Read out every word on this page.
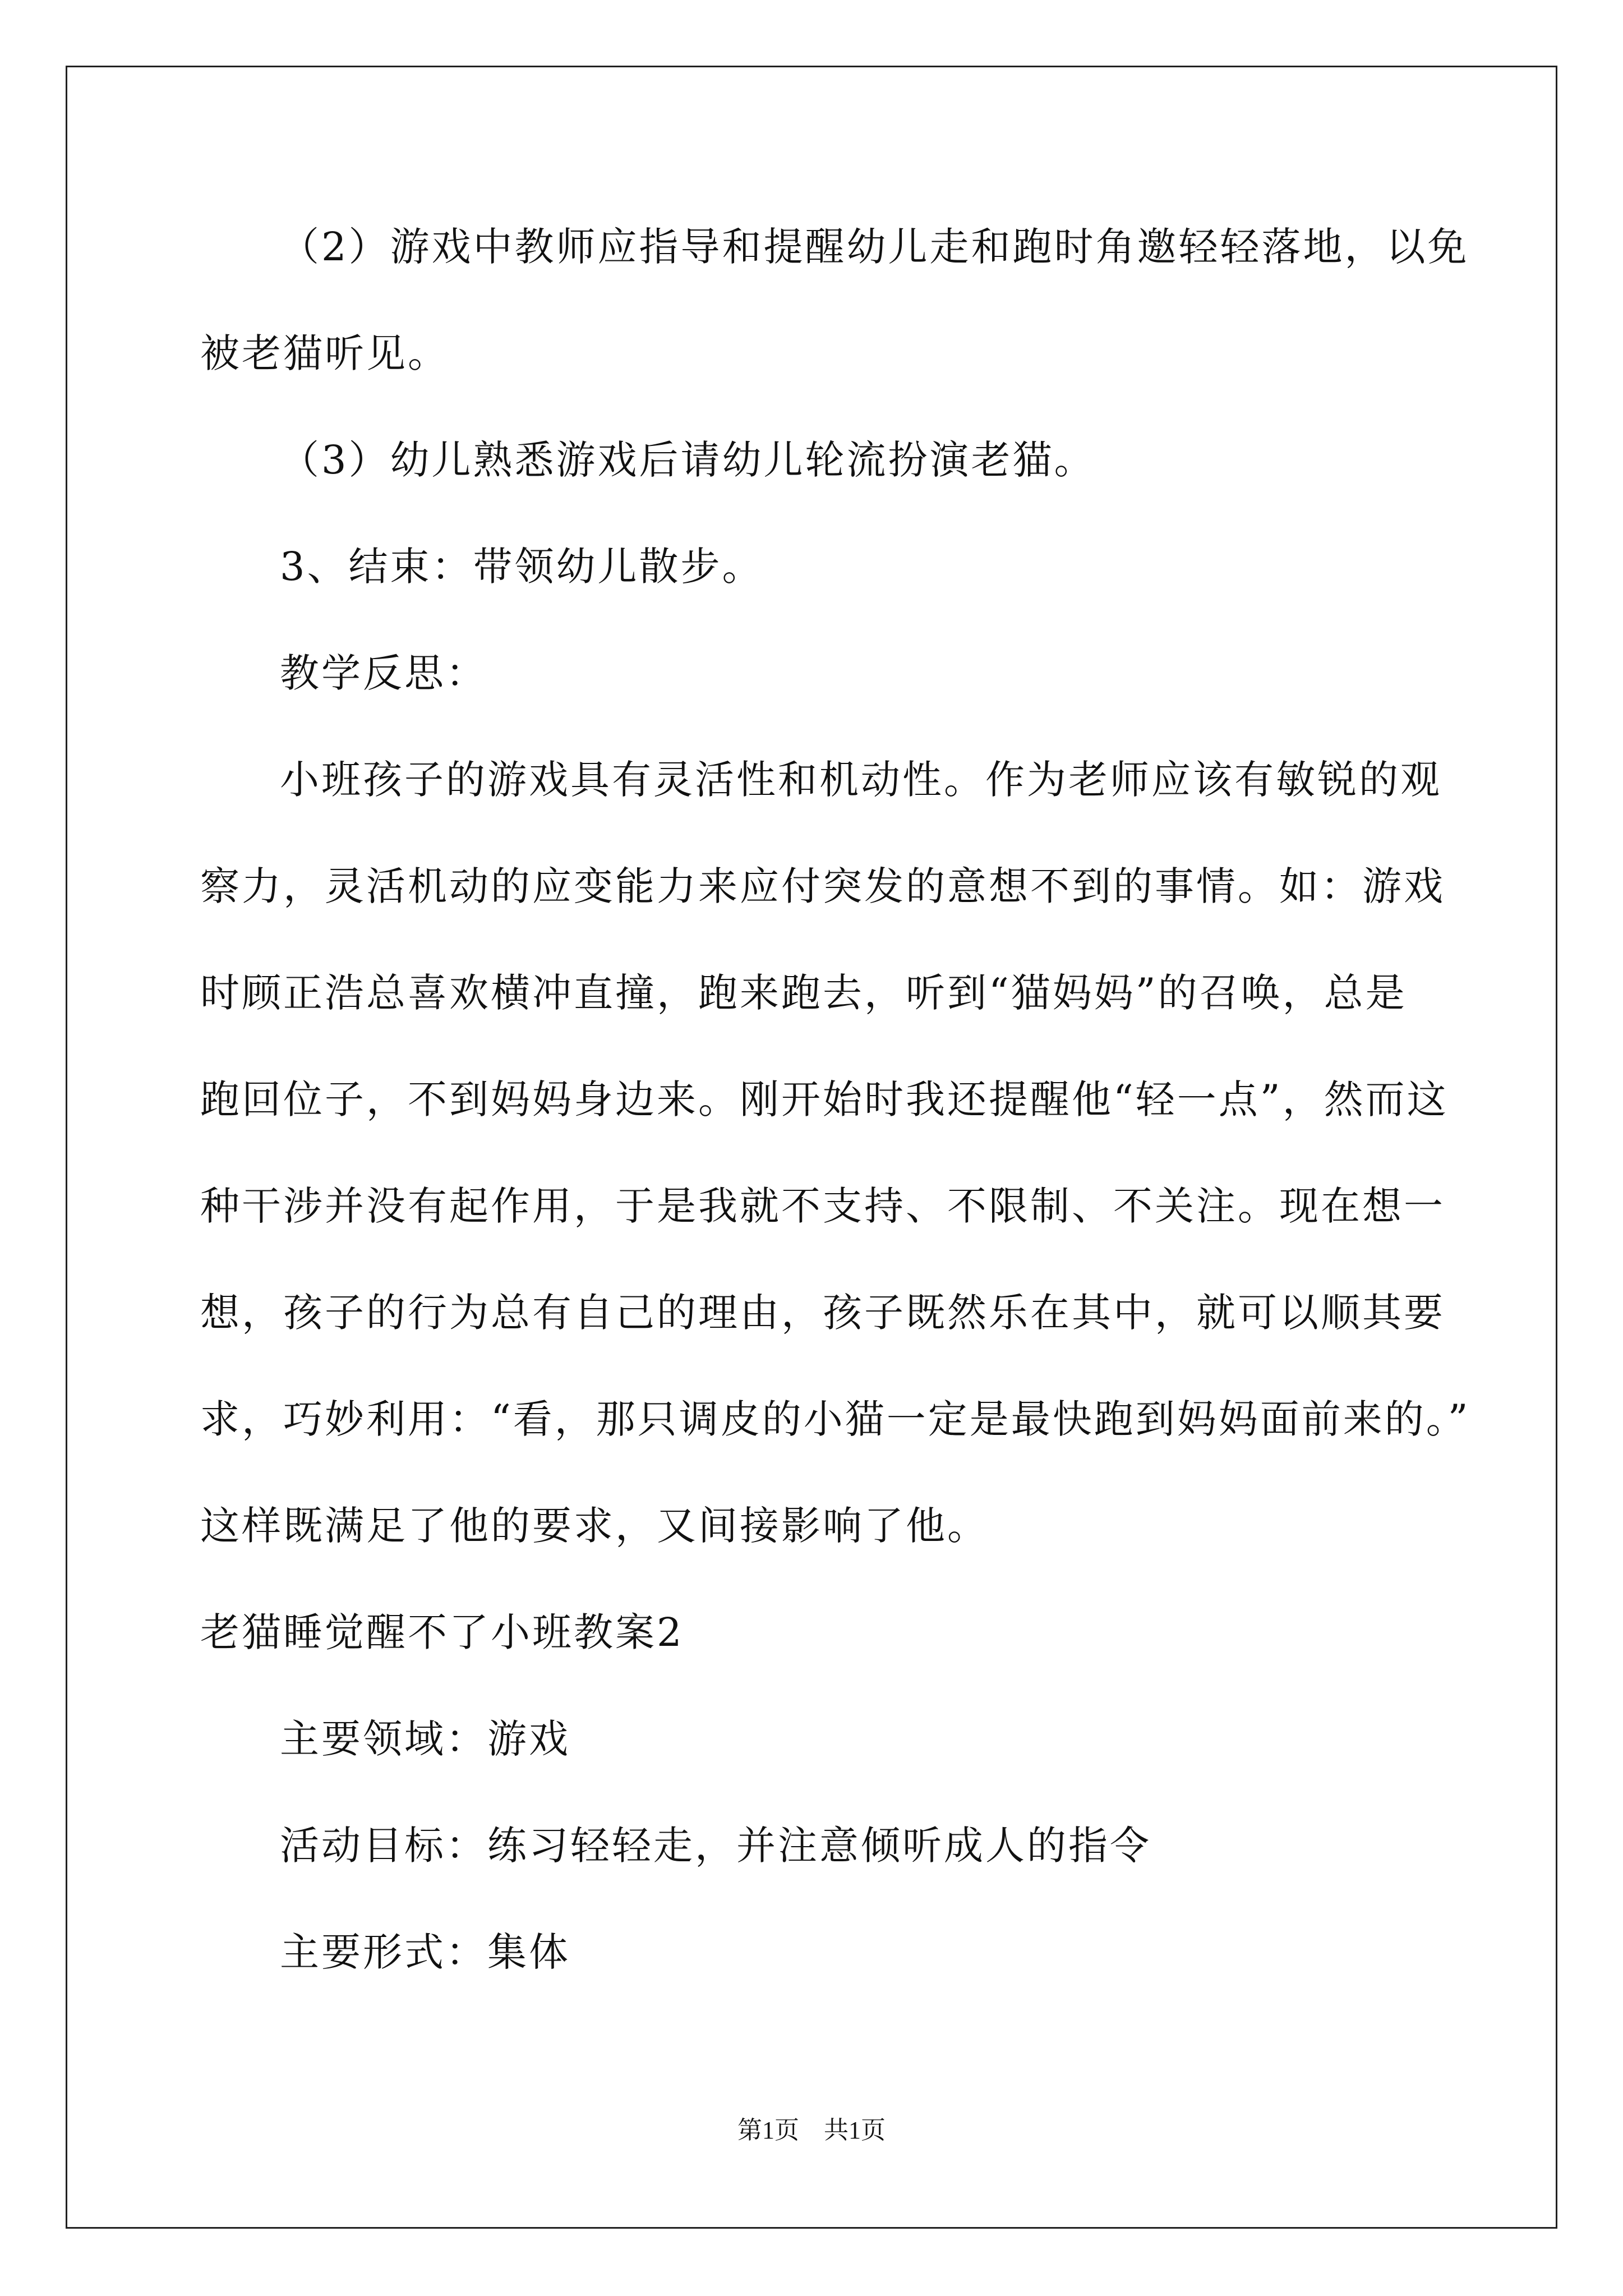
（2）游戏中教师应指导和提醒幼儿走和跑时角邀轻轻落地，以免
被老猫听见。
（3）幼儿熟悉游戏后请幼儿轮流扮演老猫。
3、结束：带领幼儿散步。
教学反思：
小班孩子的游戏具有灵活性和机动性。作为老师应该有敏锐的观
察力，灵活机动的应变能力来应付突发的意想不到的事情。如：游戏
时顾正浩总喜欢横冲直撞，跑来跑去，听到“猫妈妈”的召唤，总是
跑回位子，不到妈妈身边来。刚开始时我还提醒他“轻一点”，然而这
种干涉并没有起作用，于是我就不支持、不限制、不关注。现在想一
想，孩子的行为总有自己的理由，孩子既然乐在其中，就可以顺其要
求，巧妙利用：“看，那只调皮的小猫一定是最快跑到妈妈面前来的。”
这样既满足了他的要求，又间接影响了他。
老猫睡觉醒不了小班教案2
主要领域：游戏
活动目标：练习轻轻走，并注意倾听成人的指令
主要形式：集体
第1页　共1页
